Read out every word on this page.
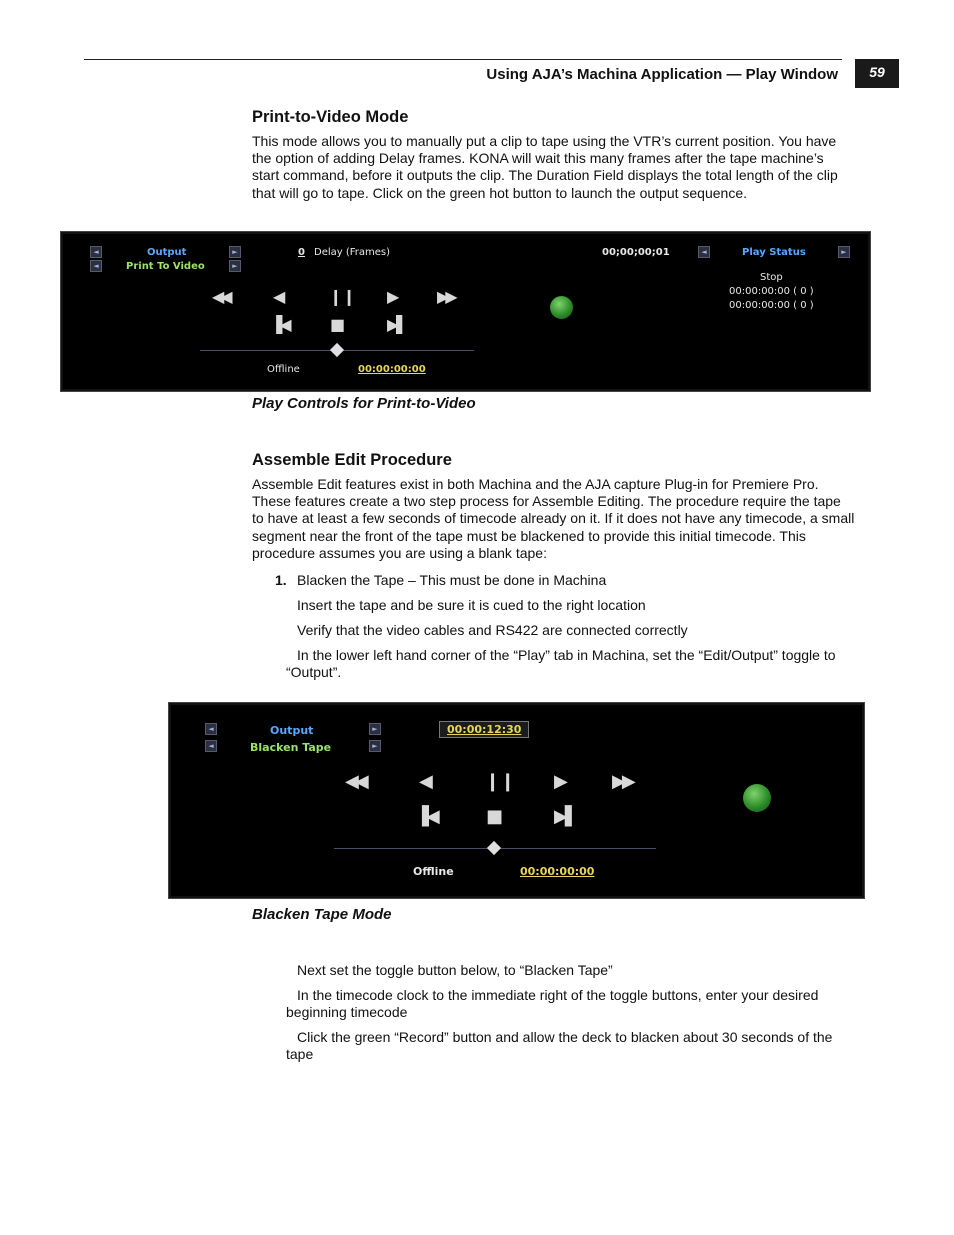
Using AJA’s Machina Application — Play Window	59
Print-to-Video Mode
This mode allows you to manually put a clip to tape using the VTR’s current position. You have
the option of adding Delay frames. KONA will wait this many frames after the tape machine’s
start command, before it outputs the clip. The Duration Field displays the total length of the clip
that will go to tape. Click on the green hot button to launch the output sequence.
◄
◄
Output
Print To Video
►
►
0 Delay (Frames)	00;00;00;01	◄	Play Status	►
Stop
00:00:00:00 ( 0 )
00:00:00:00 ( 0 )
◀◀	◀	❙❙ ▶ ▶▶
▐◀	■	▶▌
Offline	00:00:00:00
Play Controls for Print-to-Video
Assemble Edit Procedure
Assemble Edit features exist in both Machina and the AJA capture Plug-in for Premiere Pro.
These features create a two step process for Assemble Editing. The procedure require the tape
to have at least a few seconds of timecode already on it. If it does not have any timecode, a small
segment near the front of the tape must be blackened to provide this initial timecode. This
procedure assumes you are using a blank tape:
1. Blacken the Tape – This must be done in Machina
Insert the tape and be sure it is cued to the right location
Verify that the video cables and RS422 are connected correctly
In the lower left hand corner of the “Play” tab in Machina, set the “Edit/Output” toggle to
“Output”.
◄
◄
Output
Blacken Tape
►
►
00:00:12:30
◀◀	◀	❙❙ ▶ ▶▶
▐◀	■	▶▌
Offline	00:00:00:00
Blacken Tape Mode
Next set the toggle button below, to “Blacken Tape”
In the timecode clock to the immediate right of the toggle buttons, enter your desired
beginning timecode
Click the green “Record” button and allow the deck to blacken about 30 seconds of the
tape
